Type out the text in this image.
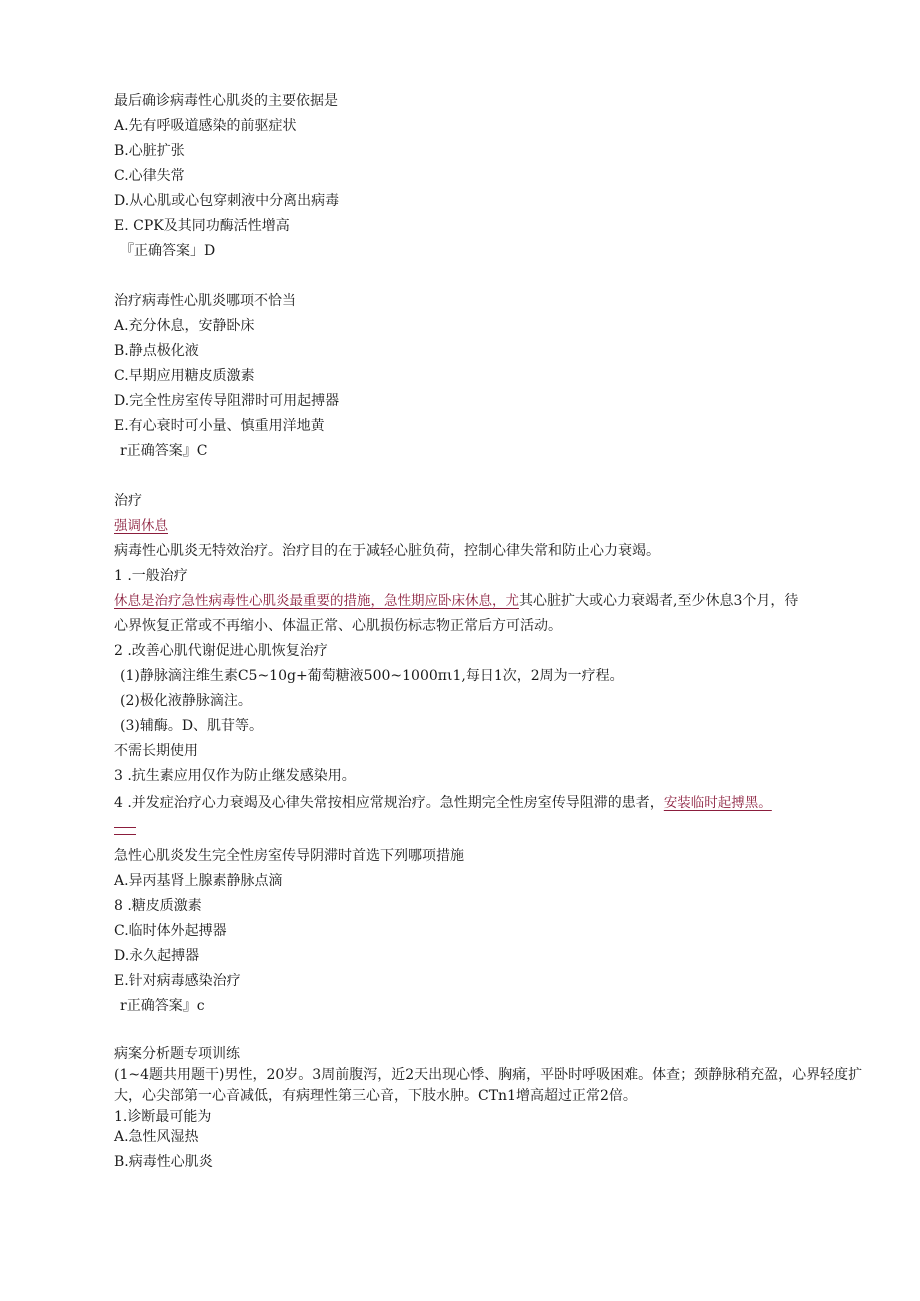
最后确诊病毒性心肌炎的主要依据是
A.先有呼吸道感染的前驱症状
B.心脏扩张
C.心律失常
D.从心肌或心包穿刺液中分离出病毒
E. CPK及其同功酶活性增高
『正确答案」D
治疗病毒性心肌炎哪项不恰当
A.充分休息，安静卧床
B.静点极化液
C.早期应用糖皮质激素
D.完全性房室传导阻滞时可用起搏器
E.有心衰时可小量、慎重用洋地黄
r正确答案』C
治疗
强调休息
病毒性心肌炎无特效治疗。治疗目的在于减轻心脏负荷，控制心律失常和防止心力衰竭。
1 .一般治疗
休息是治疗急性病毒性心肌炎最重要的措施，急性期应卧床休息，尤其心脏扩大或心力衰竭者,至少休息3个月，待
心界恢复正常或不再缩小、体温正常、心肌损伤标志物正常后方可活动。
2 .改善心肌代谢促进心肌恢复治疗
(1)静脉滴注维生素C5~10g+葡萄糖液500~1000πι1,每日1次，2周为一疗程。
(2)极化液静脉滴注。
(3)辅酶。D、肌苷等。
不需长期使用
3 .抗生素应用仅作为防止继发感染用。
4 .并发症治疗心力衰竭及心律失常按相应常规治疗。急性期完全性房室传导阻滞的患者，安装临时起搏黑。
急性心肌炎发生完全性房室传导阴滞时首选下列哪项措施
A.异丙基肾上腺素静脉点滴
8 .糖皮质激素
C.临时体外起搏器
D.永久起搏器
E.针对病毒感染治疗
r正确答案』c
病案分析题专项训练
(1~4题共用题干)男性，20岁。3周前腹泻，近2天出现心悸、胸痛，平卧时呼吸困难。体查；颈静脉稍充盈，心界轻度扩大，心尖部第一心音减低，有病理性第三心音，下肢水肿。CTn1增高超过正常2倍。
1.诊断最可能为
A.急性风湿热
B.病毒性心肌炎
